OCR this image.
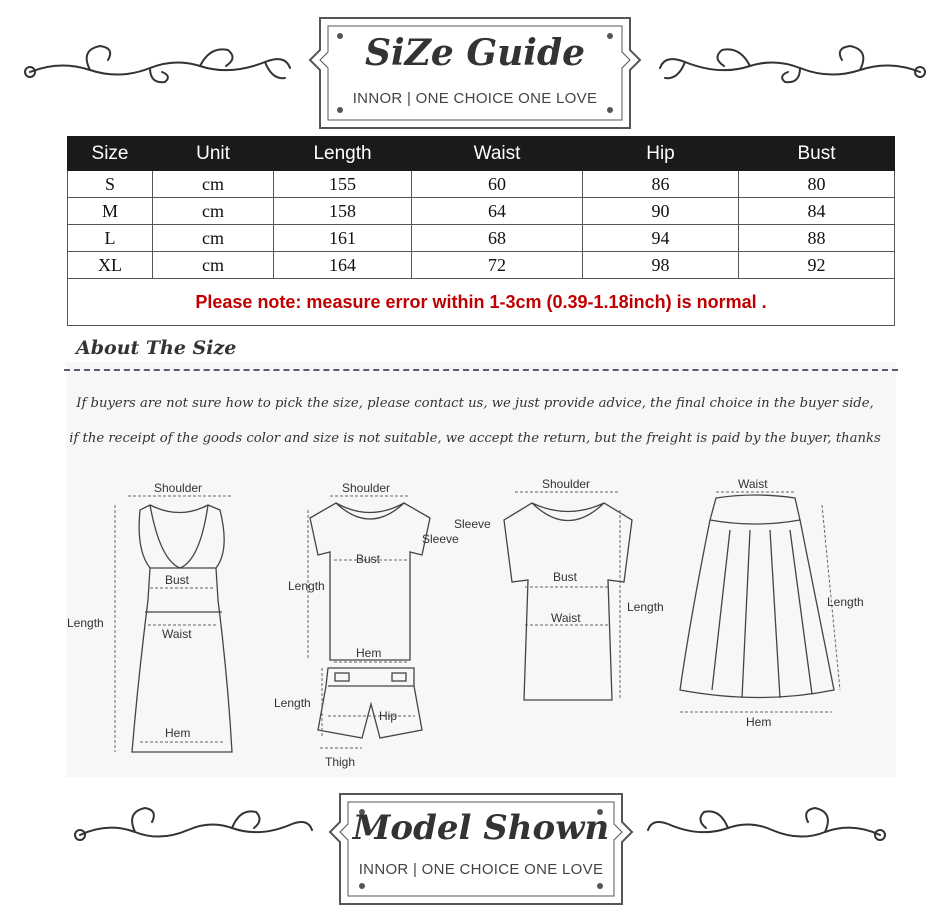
SiZe Guide
INNOR | ONE CHOICE ONE LOVE
Size	Unit	Length	Waist	Hip	Bust
S	cm	155	60	86	80
M	cm	158	64	90	84
L	cm	161	68	94	88
XL	cm	164	72	98	92
Please note: measure error within 1-3cm (0.39-1.18inch) is normal .					
About The Size
If buyers are not sure how to pick the size, please contact us, we just provide advice, the final choice in the buyer side,
if the receipt of the goods color and size is not suitable, we accept the return, but the freight is paid by the buyer, thanks
Shoulder
Bust
Waist
Length
Hem
Shoulder
Sleeve
Bust
Length
Hem
Length
Hip
Thigh
Shoulder
Sleeve
Bust
Waist
Length
Waist
Length
Hem
Model Shown
INNOR | ONE CHOICE ONE LOVE
